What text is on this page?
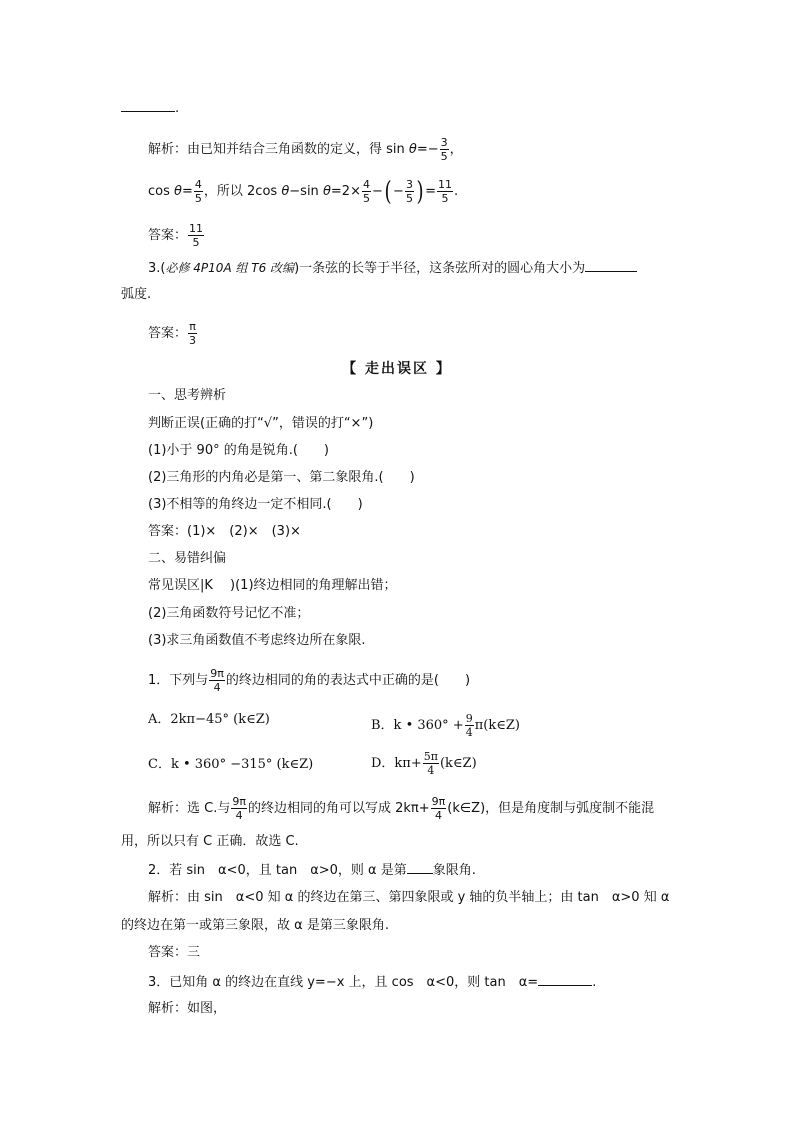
.
解析：由已知并结合三角函数的定义，得 $\sin \theta=- \frac{3}{5}$ ，
$\cos \theta= \frac{4}{5}$ ，所以 2cos θ−sin $\theta=2\times \frac{4}{5}$ −( − $\frac{3}{5}$ ) = $\frac{11}{5}$ .
答案： $\frac{11}{5}$
3.(必修 4P10A 组 T6 改编)一条弦的长等于半径，这条弦所对的圆心角大小为
弧度.
答案： $\frac{\pi}{3}$
【 走出误区 】
一、思考辨析
判断正误(正确的打“√”，错误的打“×”)
(1)小于 90° 的角是锐角.(　　)
(2)三角形的内角必是第一、第二象限角.(　　)
(3)不相等的角终边一定不相同.(　　)
答案：(1)×　(2)×　(3)×
二、易错纠偏
常见误区|K　 )(1)终边相同的角理解出错；
(2)三角函数符号记忆不准；
(3)求三角函数值不考虑终边所在象限.
1．下列与 $\frac{9\pi}{4}$ 的终边相同的角的表达式中正确的是(　　)
A．2kπ−45° (k∈Z)	B．k • $360^\circ + \frac{9}{4}$ π(k∈Z)
C．k • 360° −315° (k∈Z)	D．$k\pi+ \frac{5\pi}{4}$ (k∈Z)
解析：选 C.与 $\frac{9\pi}{4}$ 的终边相同的角可以写成 $2k\pi+ \frac{9\pi}{4}$ (k∈Z)，但是角度制与弧度制不能混
用，所以只有 C 正确．故选 C.
2．若 sin　α<0，且 tan　α>0，则 α 是第 象限角.
解析：由 sin　α<0 知 α 的终边在第三、第四象限或 y 轴的负半轴上；由 tan　α>0 知 α
的终边在第一或第三象限，故 α 是第三象限角.
答案：三
3．已知角 α 的终边在直线 y=−x 上，且 cos　α<0，则 tan　α=	.
解析：如图，
